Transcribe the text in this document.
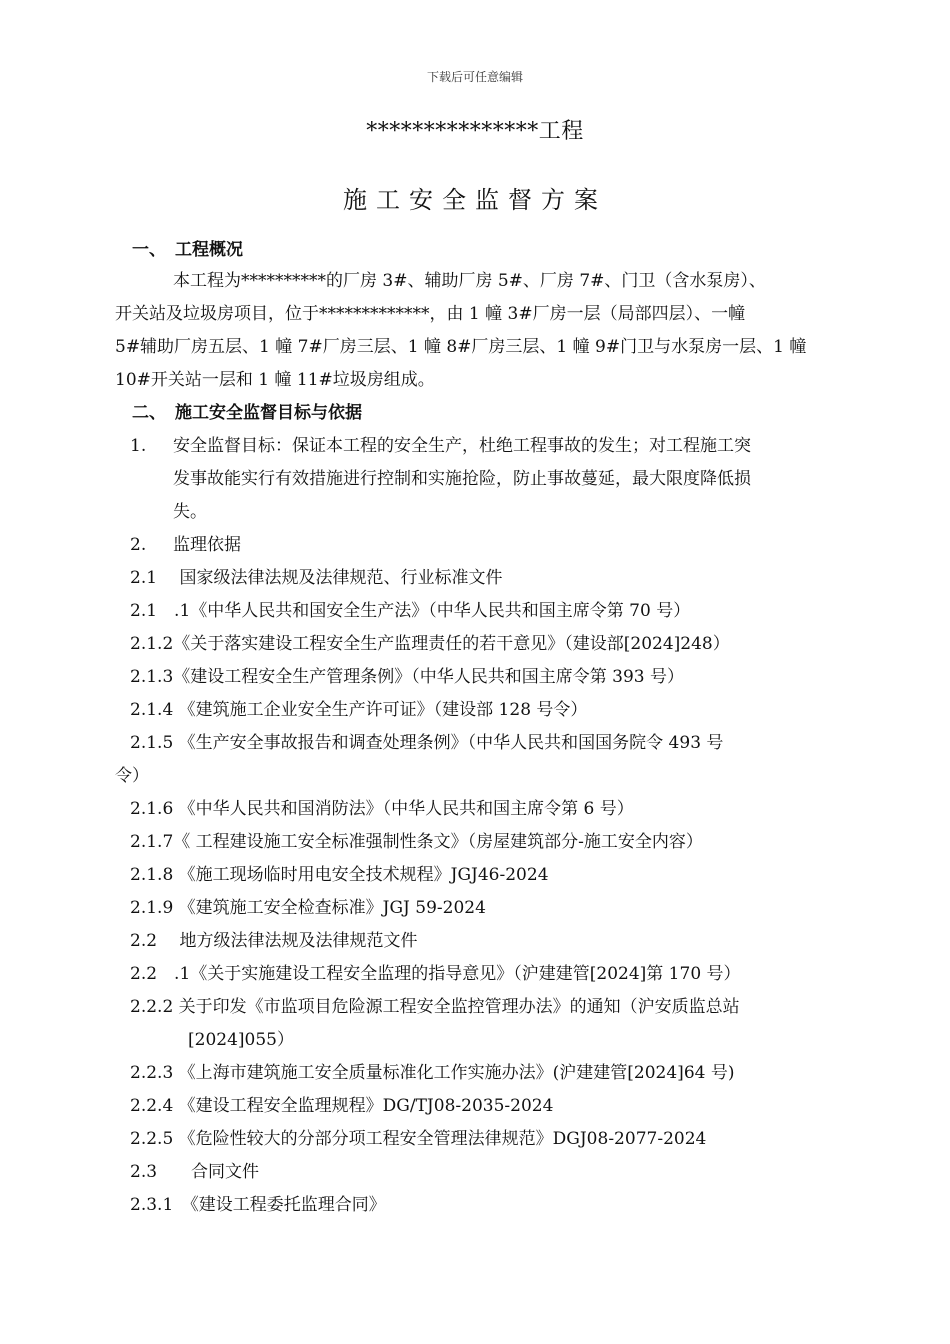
下载后可任意编辑
***************工程
施工安全监督方案
一、 工程概况
本工程为**********的厂房 3#、辅助厂房 5#、厂房 7#、门卫（含水泵房）、
开关站及垃圾房项目，位于*************，由 1 幢 3#厂房一层（局部四层）、一幢
5#辅助厂房五层、1 幢 7#厂房三层、1 幢 8#厂房三层、1 幢 9#门卫与水泵房一层、1 幢
10#开关站一层和 1 幢 11#垃圾房组成。
二、 施工安全监督目标与依据
1. 安全监督目标：保证本工程的安全生产，杜绝工程事故的发生；对工程施工突
发事故能实行有效措施进行控制和实施抢险，防止事故蔓延，最大限度降低损
失。
2. 监理依据
2.1　 国家级法律法规及法律规范、行业标准文件
2.1　.1《中华人民共和国安全生产法》（中华人民共和国主席令第 70 号）
2.1.2《关于落实建设工程安全生产监理责任的若干意见》（建设部[2024]248）
2.1.3《建设工程安全生产管理条例》（中华人民共和国主席令第 393 号）
2.1.4 《建筑施工企业安全生产许可证》（建设部 128 号令）
2.1.5 《生产安全事故报告和调查处理条例》（中华人民共和国国务院令 493 号
令）
2.1.6 《中华人民共和国消防法》（中华人民共和国主席令第 6 号）
2.1.7《 工程建设施工安全标准强制性条文》（房屋建筑部分-施工安全内容）
2.1.8 《施工现场临时用电安全技术规程》JGJ46-2024
2.1.9 《建筑施工安全检查标准》JGJ 59-2024
2.2　 地方级法律法规及法律规范文件
2.2　.1《关于实施建设工程安全监理的指导意见》（沪建建管[2024]第 170 号）
2.2.2 关于印发《市监项目危险源工程安全监控管理办法》的通知（沪安质监总站
[2024]055）
2.2.3 《上海市建筑施工安全质量标准化工作实施办法》(沪建建管[2024]64 号)
2.2.4 《建设工程安全监理规程》DG/TJ08-2035-2024
2.2.5 《危险性较大的分部分项工程安全管理法律规范》DGJ08-2077-2024
2.3　　合同文件
2.3.1　《建设工程委托监理合同》
